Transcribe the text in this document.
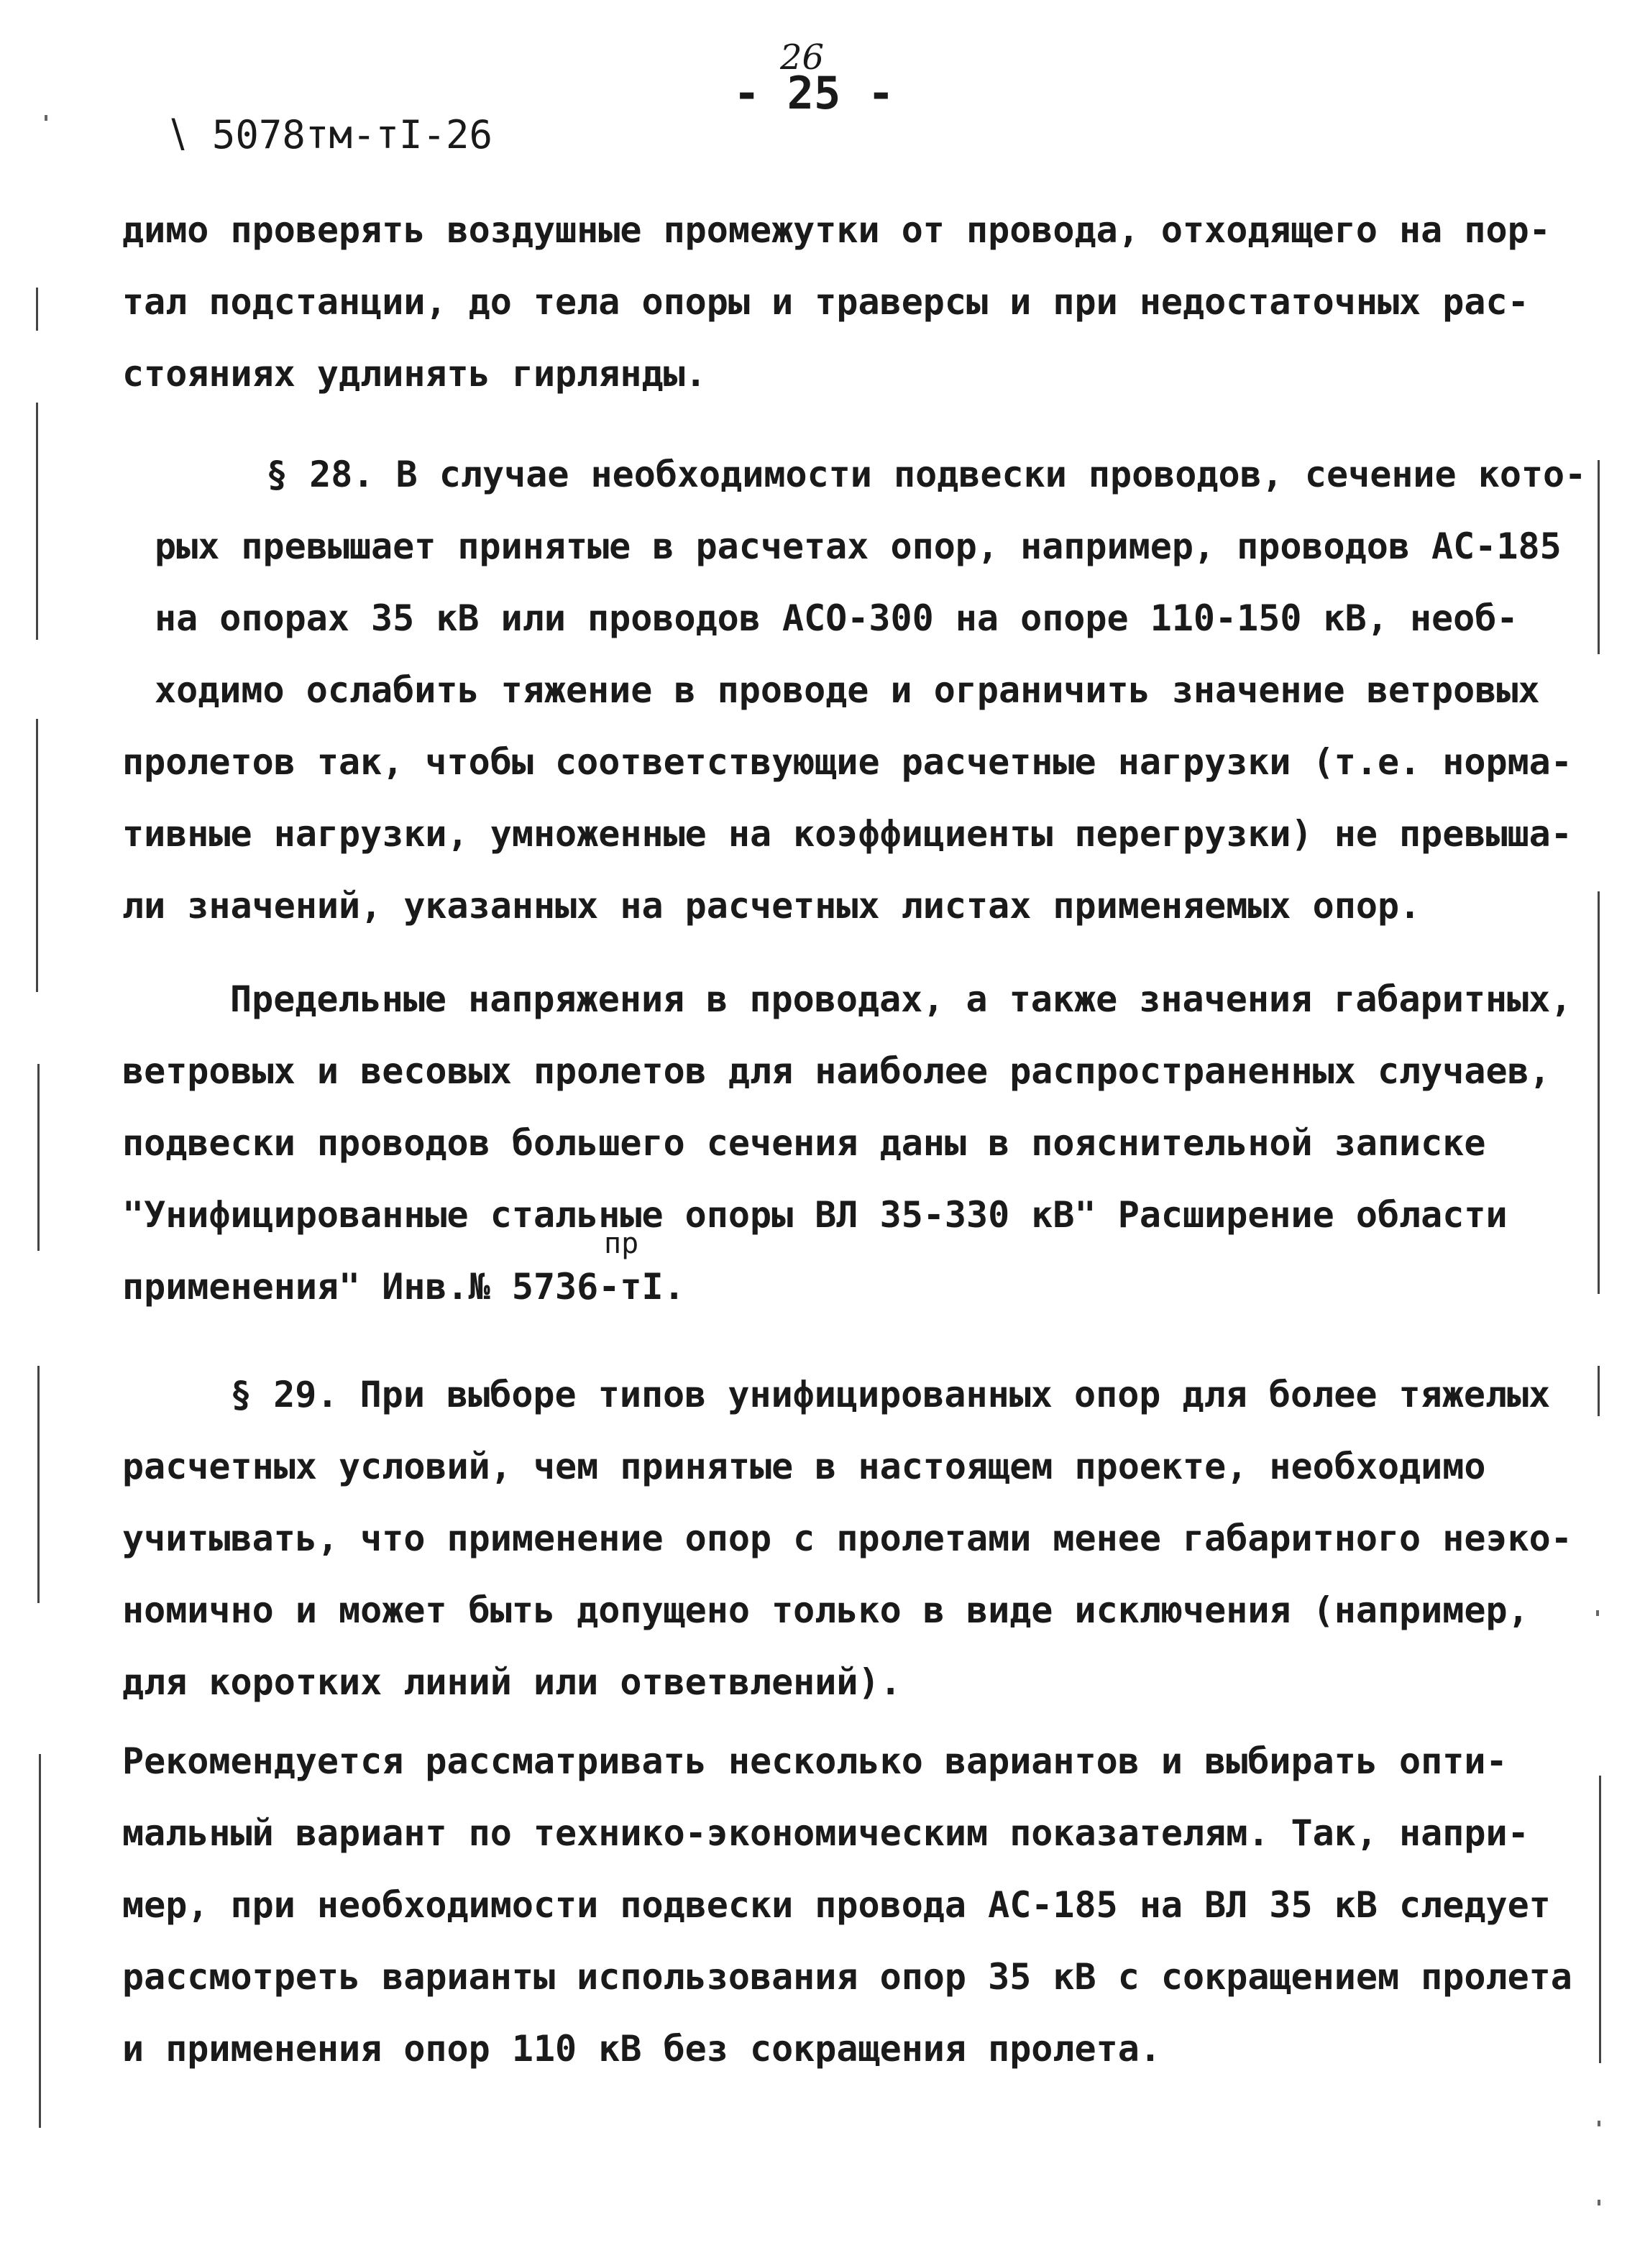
∖ 5078тм-тI-26
26
- 25 -
димо проверять воздушные промежутки от провода, отходящего на пор-
тал подстанции, до тела опоры и траверсы и при недостаточных рас-
стояниях удлинять гирлянды.
§ 28. В случае необходимости подвески проводов, сечение кото-
рых превышает принятые в расчетах опор, например, проводов АС-185
на опорах 35 кВ или проводов АСО-300 на опоре 110-150 кВ, необ-
ходимо ослабить тяжение в проводе и ограничить значение ветровых
пролетов так, чтобы соответствующие расчетные нагрузки (т.е. норма-
тивные нагрузки, умноженные на коэффициенты перегрузки) не превыша-
ли значений, указанных на расчетных листах применяемых опор.
Предельные напряжения в проводах, а также значения габаритных,
ветровых и весовых пролетов для наиболее распространенных случаев,
подвески проводов большего сечения даны в пояснительной записке
"Унифицированные стальные опоры ВЛ 35-330 кВ" Расширение области
пр
применения" Инв.№ 5736-тI.
§ 29. При выборе типов унифицированных опор для более тяжелых
расчетных условий, чем принятые в настоящем проекте, необходимо
учитывать, что применение опор с пролетами менее габаритного неэко-
номично и может быть допущено только в виде исключения (например,
для коротких линий или ответвлений).
Рекомендуется рассматривать несколько вариантов и выбирать опти-
мальный вариант по технико-экономическим показателям. Так, напри-
мер, при необходимости подвески провода АС-185 на ВЛ 35 кВ следует
рассмотреть варианты использования опор 35 кВ с сокращением пролета
и применения опор 110 кВ без сокращения пролета.
